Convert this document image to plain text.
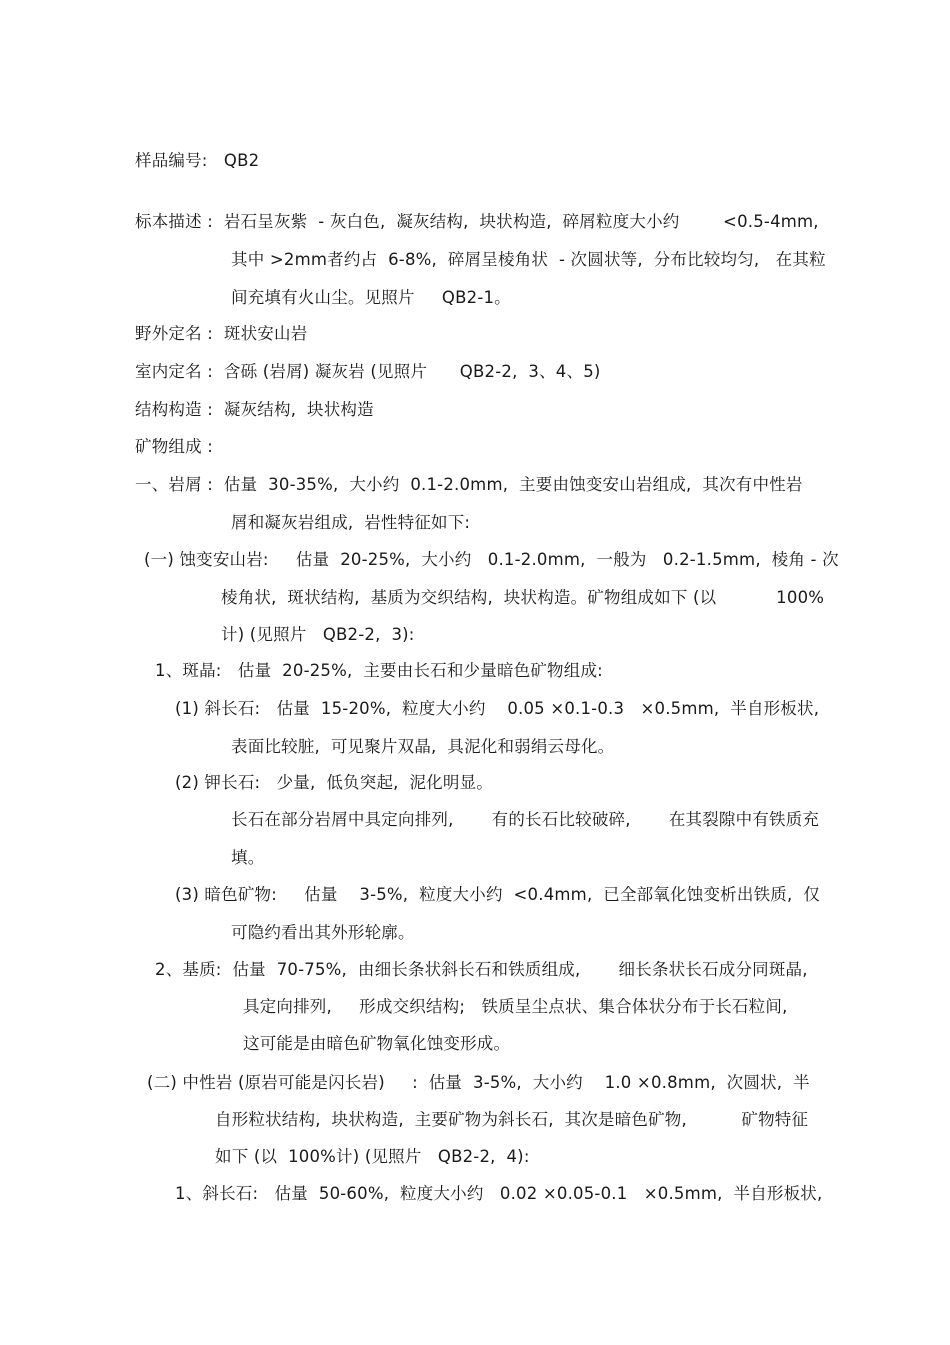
样品编号:   QB2
标本描述 :  岩石呈灰紫  - 灰白色,  凝灰结构,  块状构造,  碎屑粒度大小约        <0.5-4mm,
其中 >2mm者约占  6-8%,  碎屑呈棱角状  - 次圆状等,  分布比较均匀,   在其粒
间充填有火山尘。见照片     QB2-1。
野外定名 :  斑状安山岩
室内定名 :  含砾 (岩屑) 凝灰岩 (见照片      QB2-2,  3、4、5)
结构构造 :  凝灰结构,  块状构造
矿物组成 :
一、岩屑 :  估量  30-35%,  大小约  0.1-2.0mm,  主要由蚀变安山岩组成,  其次有中性岩
屑和凝灰岩组成,  岩性特征如下:
(一) 蚀变安山岩:     估量  20-25%,  大小约   0.1-2.0mm,  一般为   0.2-1.5mm,  棱角 - 次
棱角状,  斑状结构,  基质为交织结构,  块状构造。矿物组成如下 (以           100%
计) (见照片   QB2-2,  3):
1、斑晶:   估量  20-25%,  主要由长石和少量暗色矿物组成:
(1) 斜长石:   估量  15-20%,  粒度大小约    0.05 ×0.1-0.3   ×0.5mm,  半自形板状,
表面比较脏,  可见聚片双晶,  具泥化和弱绢云母化。
(2) 钾长石:   少量,  低负突起,  泥化明显。
长石在部分岩屑中具定向排列,       有的长石比较破碎,       在其裂隙中有铁质充
填。
(3) 暗色矿物:     估量    3-5%,  粒度大小约  <0.4mm,  已全部氧化蚀变析出铁质,  仅
可隐约看出其外形轮廓。
2、基质:  估量  70-75%,  由细长条状斜长石和铁质组成,       细长条状长石成分同斑晶,
具定向排列,     形成交织结构;   铁质呈尘点状、集合体状分布于长石粒间,
这可能是由暗色矿物氧化蚀变形成。
(二) 中性岩 (原岩可能是闪长岩)     :  估量  3-5%,  大小约    1.0 ×0.8mm,  次圆状,  半
自形粒状结构,  块状构造,  主要矿物为斜长石,  其次是暗色矿物,          矿物特征
如下 (以  100%计) (见照片   QB2-2,  4):
1、斜长石:   估量  50-60%,  粒度大小约   0.02 ×0.05-0.1   ×0.5mm,  半自形板状,
